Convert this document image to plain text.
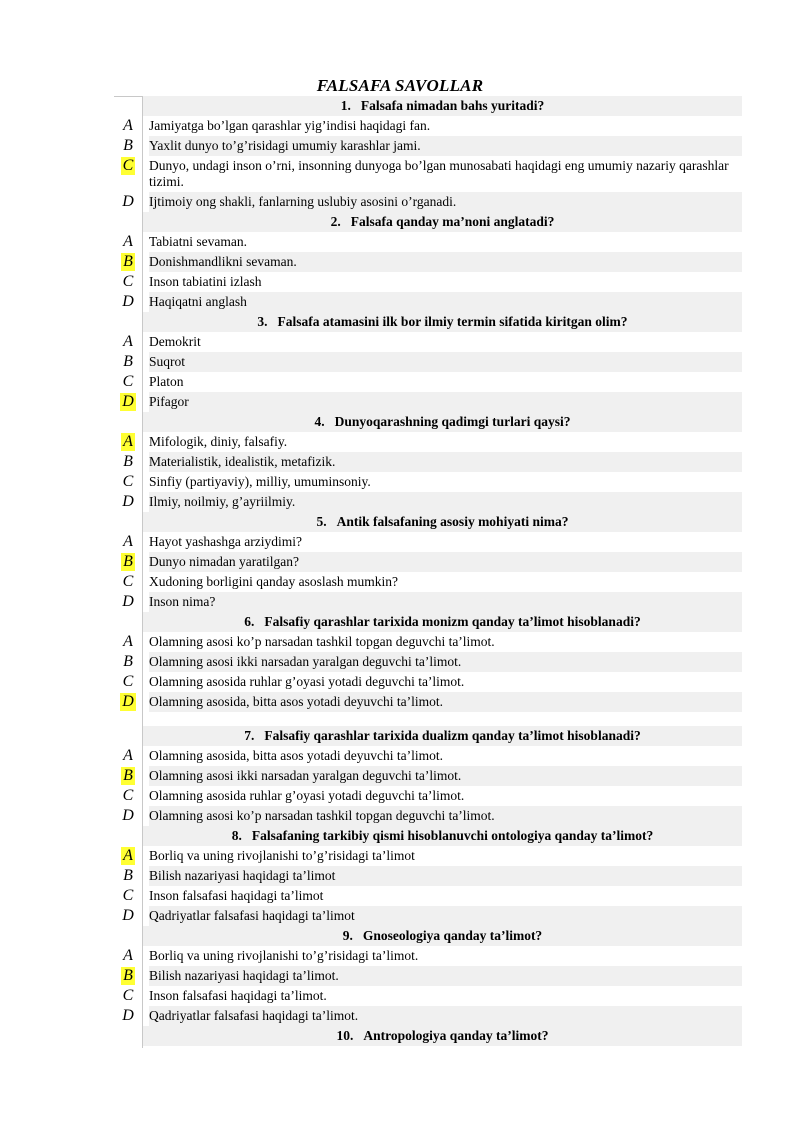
FALSAFA SAVOLLAR
1. Falsafa nimadan bahs yuritadi?
A	Jamiyatga bo’lgan qarashlar yig’indisi haqidagi fan.
B	Yaxlit dunyo to’g’risidagi umumiy karashlar jami.
C	Dunyo, undagi inson o’rni, insonning dunyoga bo’lgan munosabati haqidagi eng umumiy nazariy qarashlar tizimi.
D	Ijtimoiy ong shakli, fanlarning uslubiy asosini o’rganadi.
2. Falsafa qanday ma’noni anglatadi?
A	Tabiatni sevaman.
B	Donishmandlikni sevaman.
C	Inson tabiatini izlash
D	Haqiqatni anglash
3. Falsafa atamasini ilk bor ilmiy termin sifatida kiritgan olim?
A	Demokrit
B	Suqrot
C	Platon
D	Pifagor
4. Dunyoqarashning qadimgi turlari qaysi?
A	Mifologik, diniy, falsafiy.
B	Materialistik, idealistik, metafizik.
C	Sinfiy (partiyaviy), milliy, umuminsoniy.
D	Ilmiy, noilmiy, g’ayriilmiy.
5. Antik falsafaning asosiy mohiyati nima?
A	Hayot yashashga arziydimi?
B	Dunyo nimadan yaratilgan?
C	Xudoning borligini qanday asoslash mumkin?
D	Inson nima?
6. Falsafiy qarashlar tarixida monizm qanday ta’limot hisoblanadi?
A	Olamning asosi ko’p narsadan tashkil topgan deguvchi ta’limot.
B	Olamning asosi ikki narsadan yaralgan deguvchi ta’limot.
C	Olamning asosida ruhlar g’oyasi yotadi deguvchi ta’limot.
D	Olamning asosida, bitta asos yotadi deyuvchi ta’limot.
7. Falsafiy qarashlar tarixida dualizm qanday ta’limot hisoblanadi?
A	Olamning asosida, bitta asos yotadi deyuvchi ta’limot.
B	Olamning asosi ikki narsadan yaralgan deguvchi ta’limot.
C	Olamning asosida ruhlar g’oyasi yotadi deguvchi ta’limot.
D	Olamning asosi ko’p narsadan tashkil topgan deguvchi ta’limot.
8. Falsafaning tarkibiy qismi hisoblanuvchi ontologiya qanday ta’limot?
A	Borliq va uning rivojlanishi to’g’risidagi ta’limot
B	Bilish nazariyasi haqidagi ta’limot
C	Inson falsafasi haqidagi ta’limot
D	Qadriyatlar falsafasi haqidagi ta’limot
9. Gnoseologiya qanday ta’limot?
A	Borliq va uning rivojlanishi to’g’risidagi ta’limot.
B	Bilish nazariyasi haqidagi ta’limot.
C	Inson falsafasi haqidagi ta’limot.
D	Qadriyatlar falsafasi haqidagi ta’limot.
10. Antropologiya qanday ta’limot?
